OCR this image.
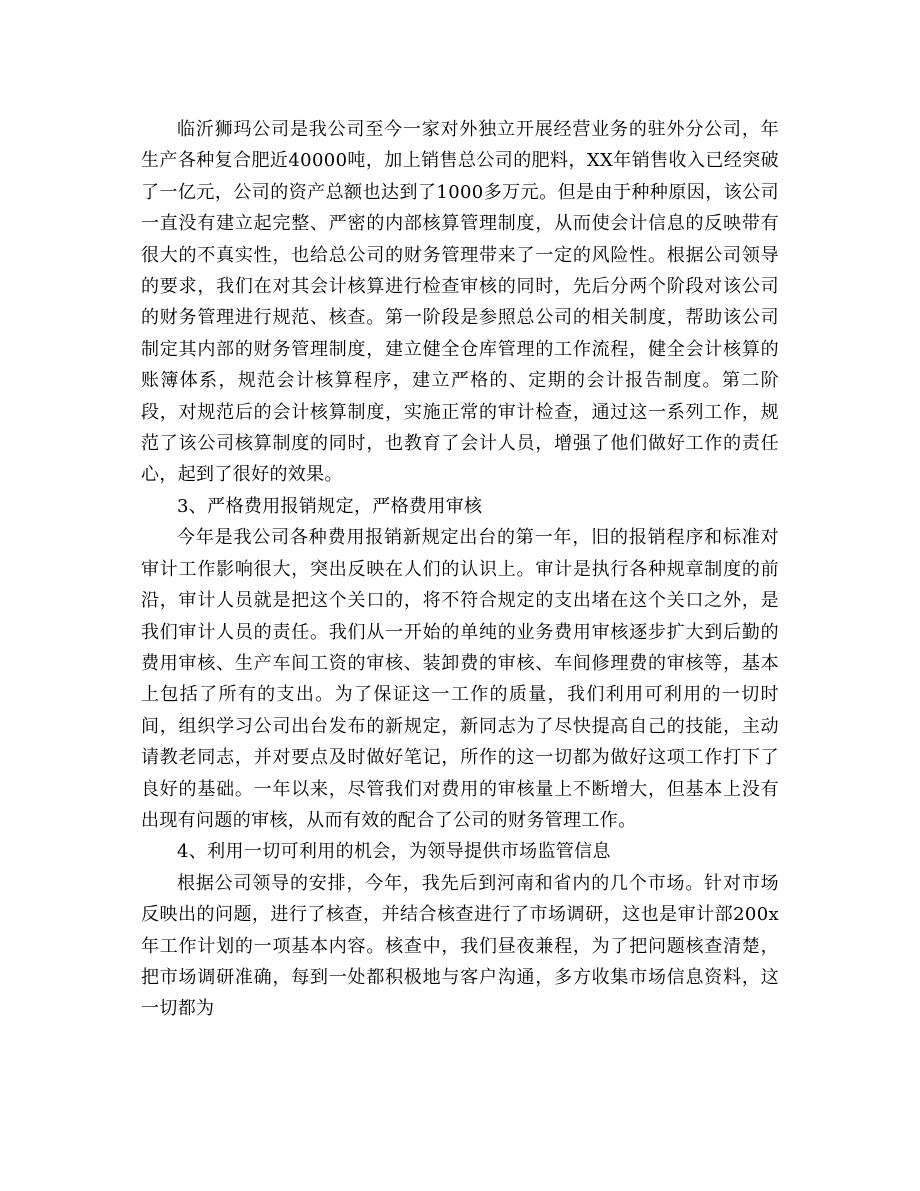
临沂狮玛公司是我公司至今一家对外独立开展经营业务的驻外分公司，年生产各种复合肥近40000吨，加上销售总公司的肥料，XX年销售收入已经突破了一亿元，公司的资产总额也达到了1000多万元。但是由于种种原因，该公司一直没有建立起完整、严密的内部核算管理制度，从而使会计信息的反映带有很大的不真实性，也给总公司的财务管理带来了一定的风险性。根据公司领导的要求，我们在对其会计核算进行检查审核的同时，先后分两个阶段对该公司的财务管理进行规范、核查。第一阶段是参照总公司的相关制度，帮助该公司制定其内部的财务管理制度，建立健全仓库管理的工作流程，健全会计核算的账簿体系，规范会计核算程序，建立严格的、定期的会计报告制度。第二阶段，对规范后的会计核算制度，实施正常的审计检查，通过这一系列工作，规范了该公司核算制度的同时，也教育了会计人员，增强了他们做好工作的责任心，起到了很好的效果。

3、严格费用报销规定，严格费用审核

今年是我公司各种费用报销新规定出台的第一年，旧的报销程序和标准对审计工作影响很大，突出反映在人们的认识上。审计是执行各种规章制度的前沿，审计人员就是把这个关口的，将不符合规定的支出堵在这个关口之外，是我们审计人员的责任。我们从一开始的单纯的业务费用审核逐步扩大到后勤的费用审核、生产车间工资的审核、装卸费的审核、车间修理费的审核等，基本上包括了所有的支出。为了保证这一工作的质量，我们利用可利用的一切时间，组织学习公司出台发布的新规定，新同志为了尽快提高自己的技能，主动请教老同志，并对要点及时做好笔记，所作的这一切都为做好这项工作打下了良好的基础。一年以来，尽管我们对费用的审核量上不断增大，但基本上没有出现有问题的审核，从而有效的配合了公司的财务管理工作。

4、利用一切可利用的机会，为领导提供市场监管信息

根据公司领导的安排，今年，我先后到河南和省内的几个市场。针对市场反映出的问题，进行了核查，并结合核查进行了市场调研，这也是审计部200x年工作计划的一项基本内容。核查中，我们昼夜兼程，为了把问题核查清楚，把市场调研准确，每到一处都积极地与客户沟通，多方收集市场信息资料，这一切都为
